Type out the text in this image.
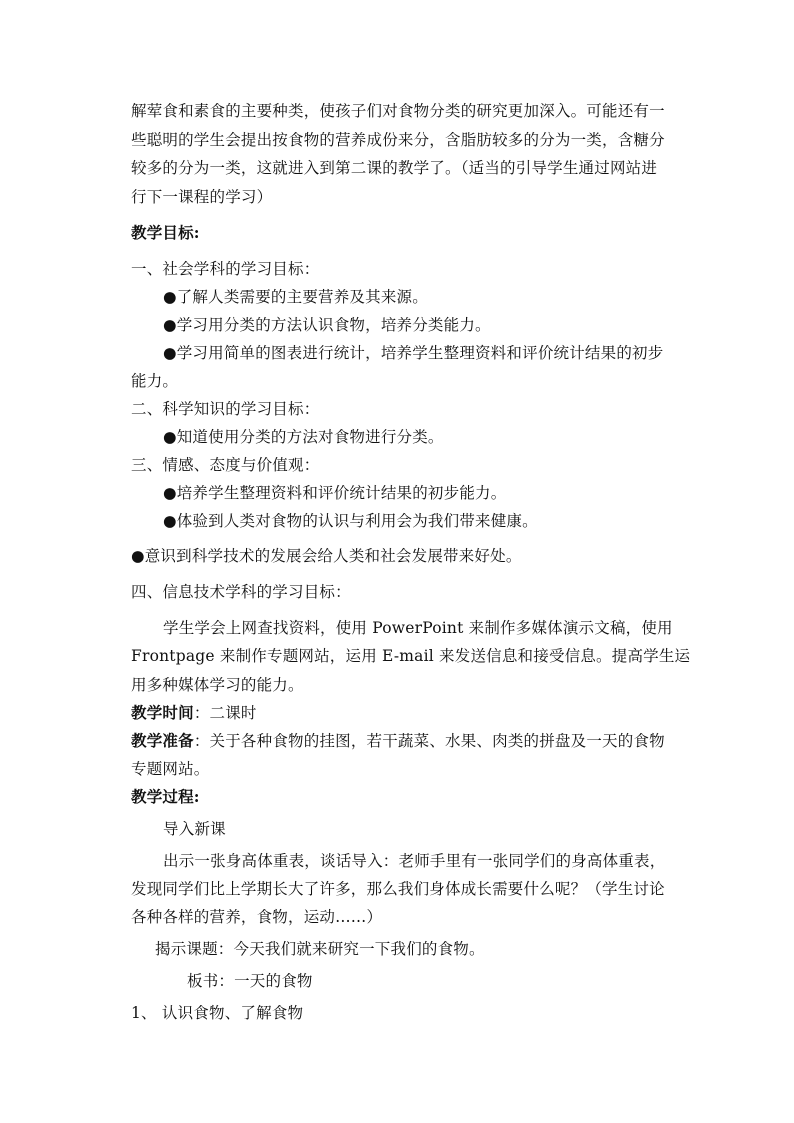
解荤食和素食的主要种类，使孩子们对食物分类的研究更加深入。可能还有一
些聪明的学生会提出按食物的营养成份来分，含脂肪较多的分为一类，含糖分
较多的分为一类，这就进入到第二课的教学了。（适当的引导学生通过网站进
行下一课程的学习）
教学目标:
一、社会学科的学习目标：
●了解人类需要的主要营养及其来源。
●学习用分类的方法认识食物，培养分类能力。
●学习用简单的图表进行统计，培养学生整理资料和评价统计结果的初步
能力。
二、科学知识的学习目标：
●知道使用分类的方法对食物进行分类。
三、情感、态度与价值观：
●培养学生整理资料和评价统计结果的初步能力。
●体验到人类对食物的认识与利用会为我们带来健康。
●意识到科学技术的发展会给人类和社会发展带来好处。
四、信息技术学科的学习目标：
学生学会上网查找资料，使用 PowerPoint 来制作多媒体演示文稿，使用
Frontpage 来制作专题网站，运用 E-mail 来发送信息和接受信息。提高学生运
用多种媒体学习的能力。
教学时间：二课时
教学准备：关于各种食物的挂图，若干蔬菜、水果、肉类的拼盘及一天的食物
专题网站。
教学过程:
导入新课
出示一张身高体重表，谈话导入：老师手里有一张同学们的身高体重表，
发现同学们比上学期长大了许多，那么我们身体成长需要什么呢？（学生讨论
各种各样的营养，食物，运动……）
揭示课题：今天我们就来研究一下我们的食物。
板书：一天的食物
1、 认识食物、了解食物
